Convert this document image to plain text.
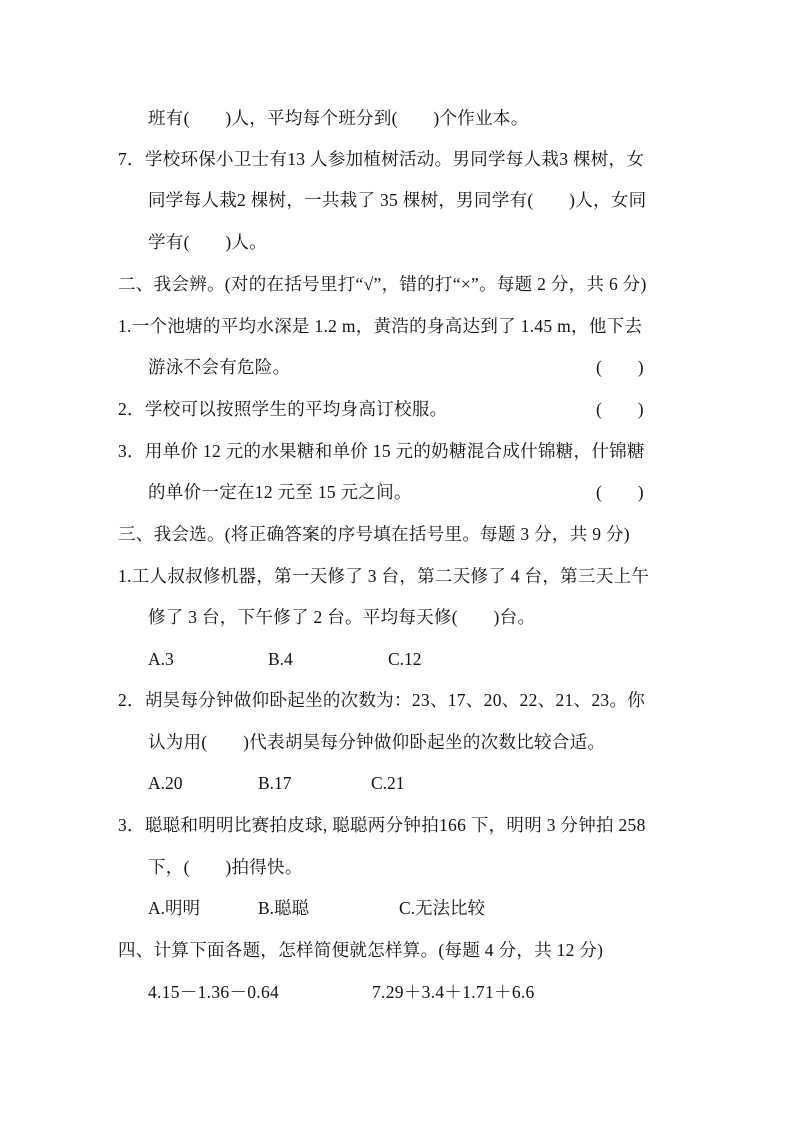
班有(　　)人，平均每个班分到(　　)个作业本。
7．学校环保小卫士有13 人参加植树活动。男同学每人栽3 棵树，女
同学每人栽2 棵树，一共栽了 35 棵树，男同学有(　　)人，女同
学有(　　)人。
二、我会辨。(对的在括号里打“√”，错的打“×”。每题 2 分，共 6 分)
1.一个池塘的平均水深是 1.2 m，黄浩的身高达到了 1.45 m，他下去
游泳不会有危险。	(　　)
2．学校可以按照学生的平均身高订校服。	(　　)
3．用单价 12 元的水果糖和单价 15 元的奶糖混合成什锦糖，什锦糖
的单价一定在12 元至 15 元之间。	(　　)
三、我会选。(将正确答案的序号填在括号里。每题 3 分，共 9 分)
1.工人叔叔修机器，第一天修了 3 台，第二天修了 4 台，第三天上午
修了 3 台，下午修了 2 台。平均每天修(　　)台。
A.3	B.4	C.12
2．胡昊每分钟做仰卧起坐的次数为：23、17、20、22、21、23。你
认为用(　　)代表胡昊每分钟做仰卧起坐的次数比较合适。
A.20	B.17	C.21
3．聪聪和明明比赛拍皮球, 聪聪两分钟拍166 下，明明 3 分钟拍 258
下，(　　)拍得快。
A.明明	B.聪聪	C.无法比较
四、计算下面各题，怎样简便就怎样算。(每题 4 分，共 12 分)
4.15－1.36－0.64	7.29＋3.4＋1.71＋6.6
